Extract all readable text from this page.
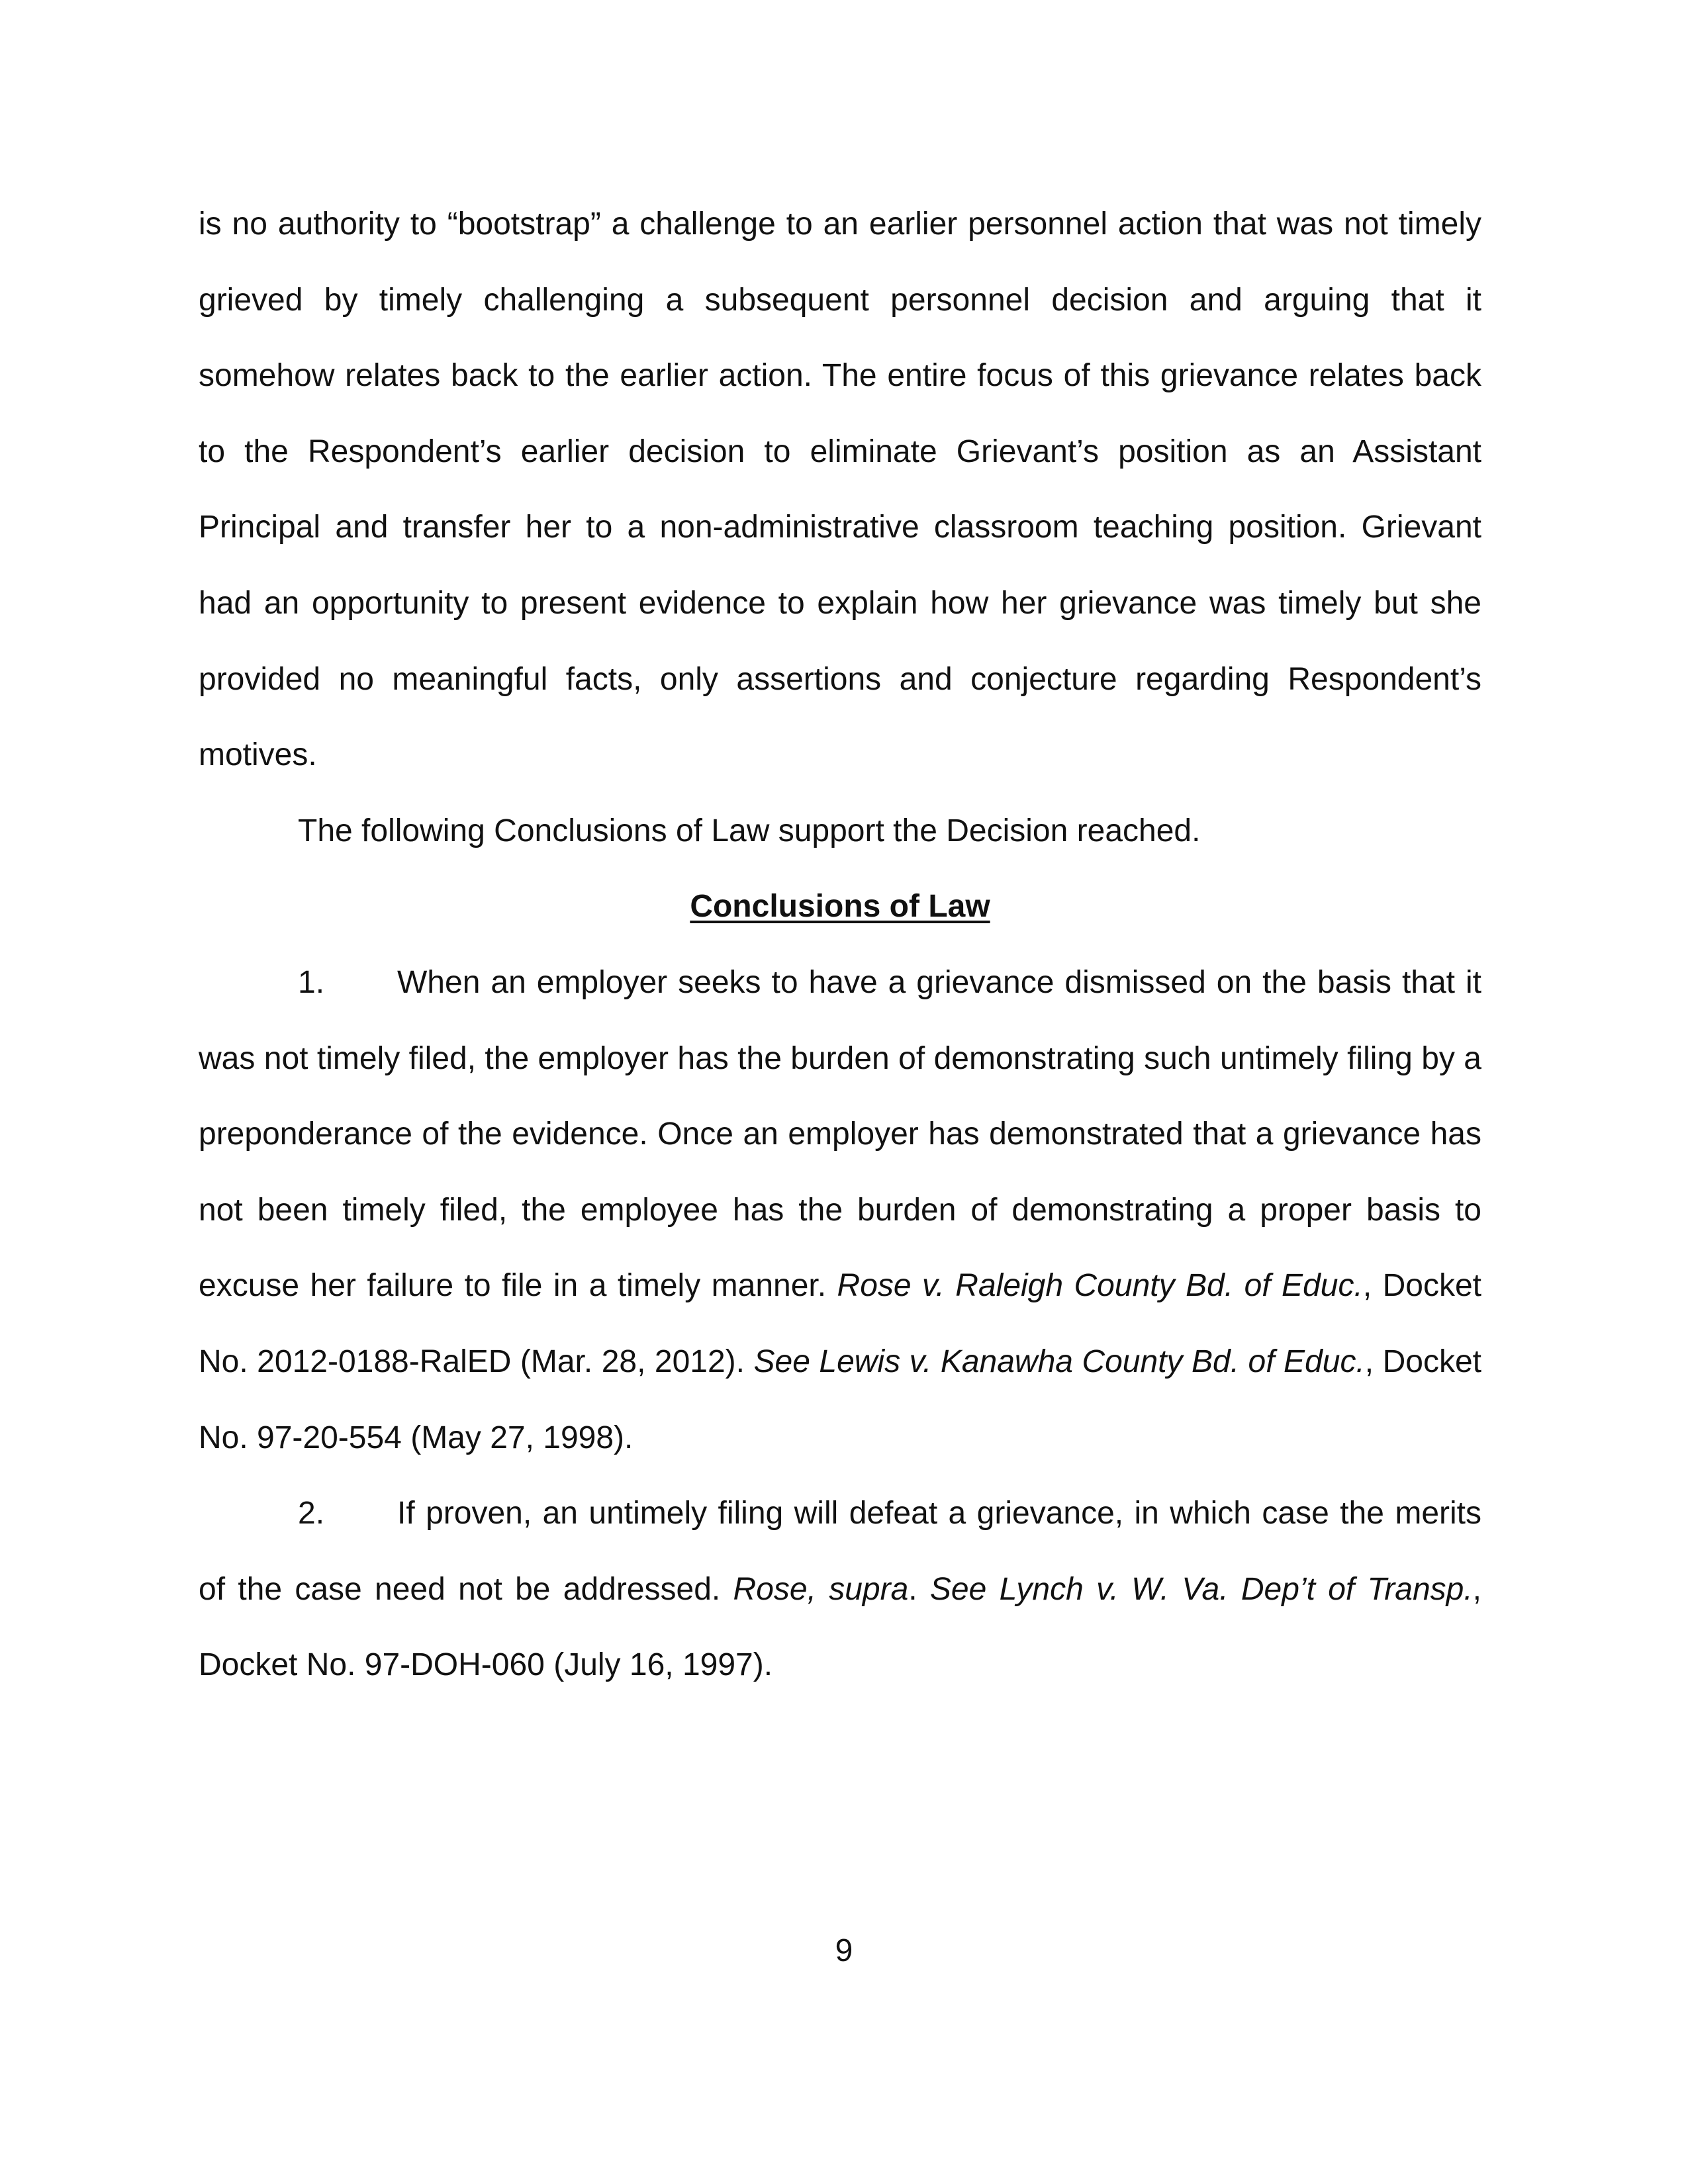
is no authority to “bootstrap” a challenge to an earlier personnel action that was not timely grieved by timely challenging a subsequent personnel decision and arguing that it somehow relates back to the earlier action. The entire focus of this grievance relates back to the Respondent’s earlier decision to eliminate Grievant’s position as an Assistant Principal and transfer her to a non-administrative classroom teaching position. Grievant had an opportunity to present evidence to explain how her grievance was timely but she provided no meaningful facts, only assertions and conjecture regarding Respondent’s motives.

The following Conclusions of Law support the Decision reached.

Conclusions of Law

1. When an employer seeks to have a grievance dismissed on the basis that it was not timely filed, the employer has the burden of demonstrating such untimely filing by a preponderance of the evidence. Once an employer has demonstrated that a grievance has not been timely filed, the employee has the burden of demonstrating a proper basis to excuse her failure to file in a timely manner. Rose v. Raleigh County Bd. of Educ., Docket No. 2012-0188-RalED (Mar. 28, 2012). See Lewis v. Kanawha County Bd. of Educ., Docket No. 97-20-554 (May 27, 1998).

2. If proven, an untimely filing will defeat a grievance, in which case the merits of the case need not be addressed. Rose, supra. See Lynch v. W. Va. Dep’t of Transp., Docket No. 97-DOH-060 (July 16, 1997).

9
